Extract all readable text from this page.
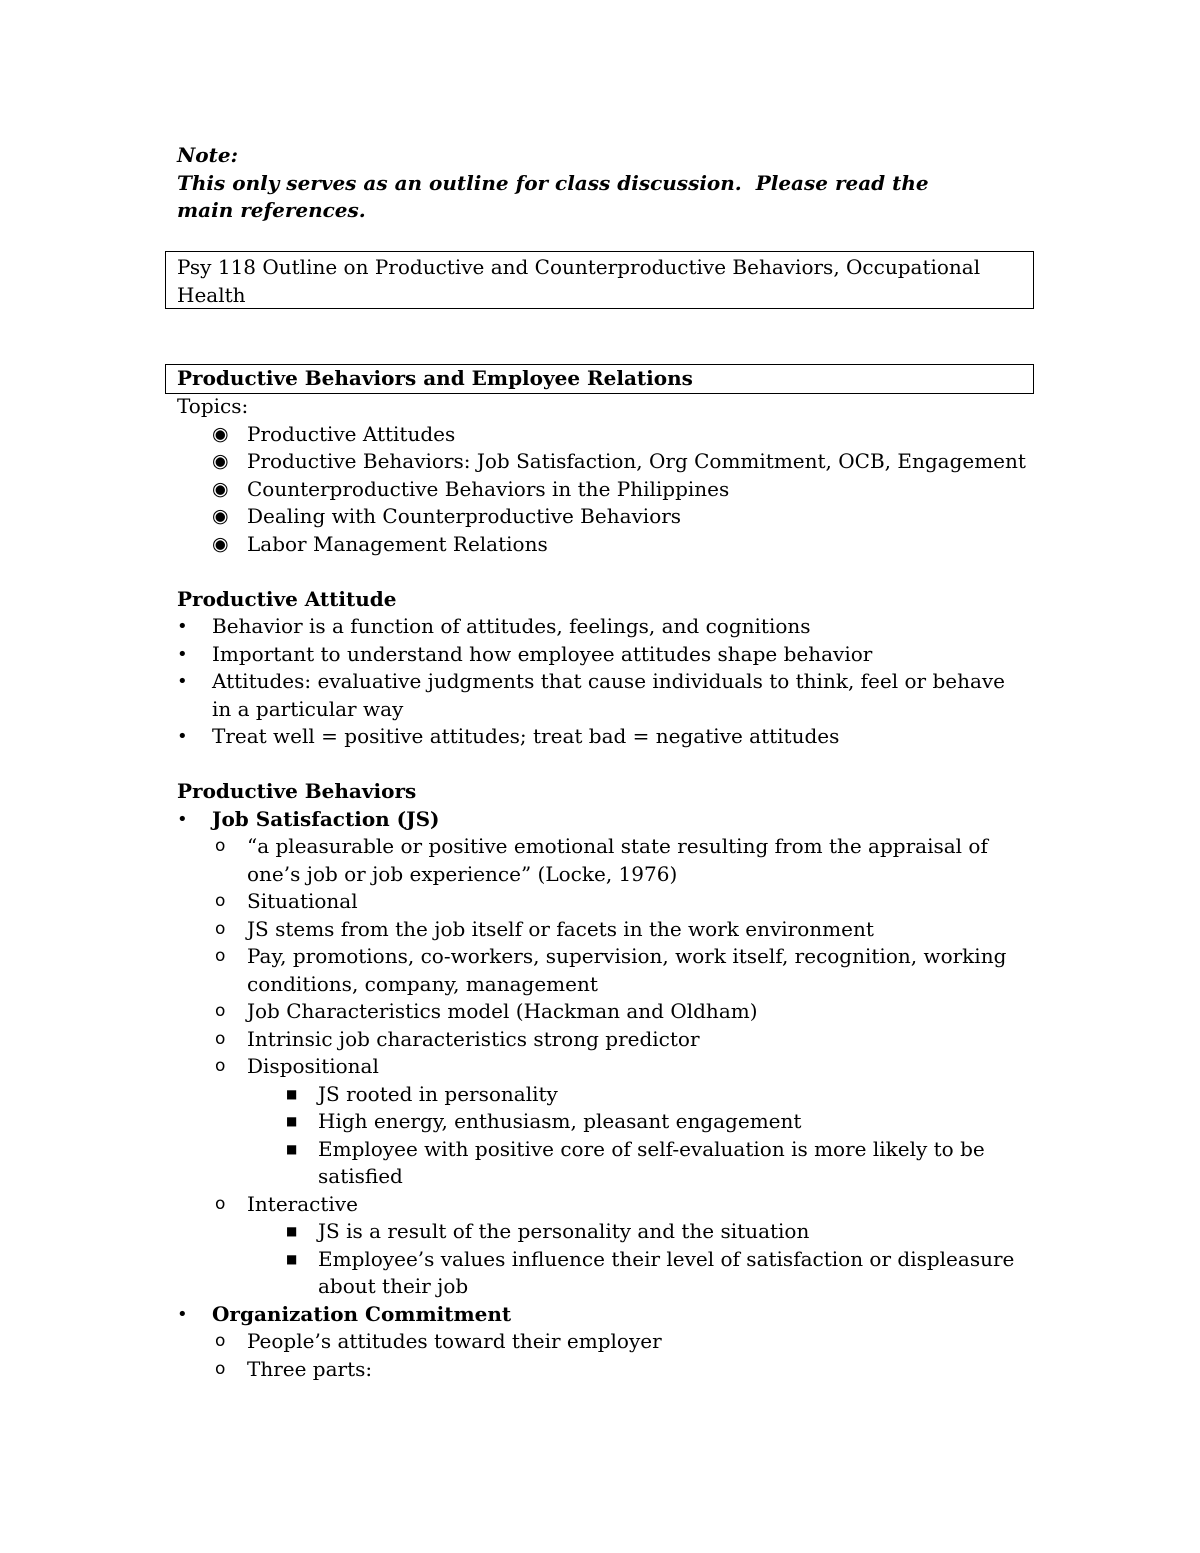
Note:
This only serves as an outline for class discussion.  Please read the main references.
Psy 118 Outline on Productive and Counterproductive Behaviors, Occupational Health
Productive Behaviors and Employee Relations

Topics:

◉ Productive Attitudes
◉ Productive Behaviors: Job Satisfaction, Org Commitment, OCB, Engagement
◉ Counterproductive Behaviors in the Philippines
◉ Dealing with Counterproductive Behaviors
◉ Labor Management Relations

Productive Attitude

• Behavior is a function of attitudes, feelings, and cognitions
• Important to understand how employee attitudes shape behavior
• Attitudes: evaluative judgments that cause individuals to think, feel or behave in a particular way
• Treat well = positive attitudes; treat bad = negative attitudes

Productive Behaviors

• Job Satisfaction (JS)
o “a pleasurable or positive emotional state resulting from the appraisal of one’s job or job experience” (Locke, 1976)
o Situational
o JS stems from the job itself or facets in the work environment
o Pay, promotions, co-workers, supervision, work itself, recognition, working conditions, company, management
o Job Characteristics model (Hackman and Oldham)
o Intrinsic job characteristics strong predictor
o Dispositional
■ JS rooted in personality
■ High energy, enthusiasm, pleasant engagement
■ Employee with positive core of self-evaluation is more likely to be satisfied
o Interactive
■ JS is a result of the personality and the situation
■ Employee’s values influence their level of satisfaction or displeasure about their job
• Organization Commitment
o People’s attitudes toward their employer
o Three parts:
